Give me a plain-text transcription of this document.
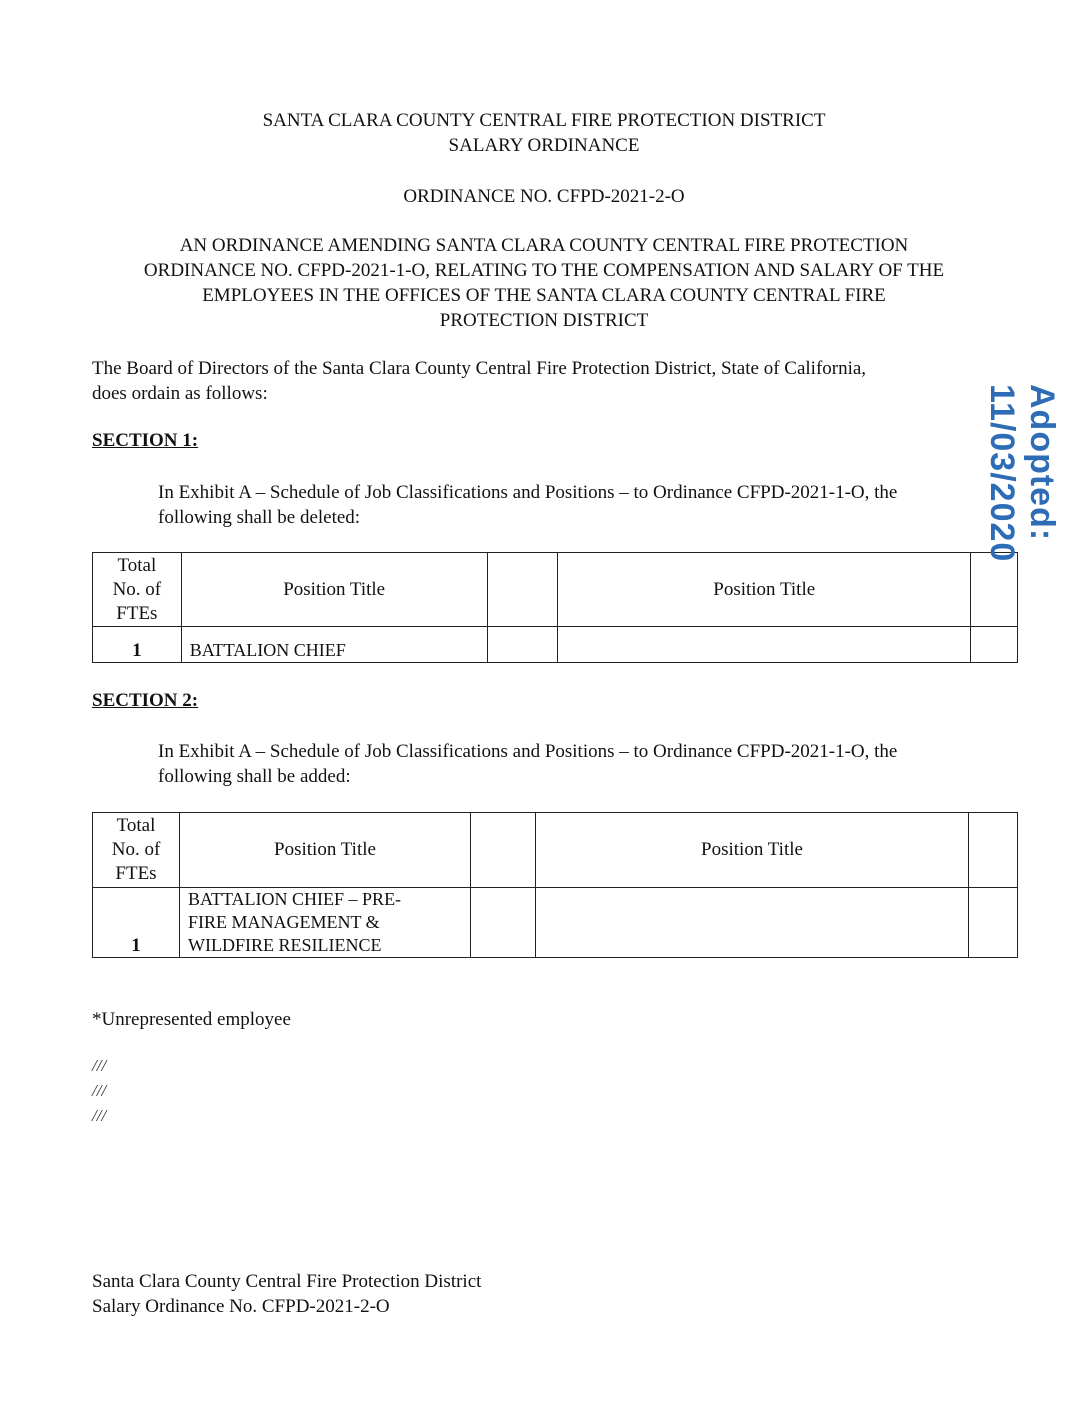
SANTA CLARA COUNTY CENTRAL FIRE PROTECTION DISTRICT
SALARY ORDINANCE
ORDINANCE NO. CFPD-2021-2-O
AN ORDINANCE AMENDING SANTA CLARA COUNTY CENTRAL FIRE PROTECTION
ORDINANCE NO. CFPD-2021-1-O, RELATING TO THE COMPENSATION AND SALARY OF THE
EMPLOYEES IN THE OFFICES OF THE SANTA CLARA COUNTY CENTRAL FIRE
PROTECTION DISTRICT
The Board of Directors of the Santa Clara County Central Fire Protection District, State of California,
does ordain as follows:
SECTION 1:
In Exhibit A – Schedule of Job Classifications and Positions – to Ordinance CFPD-2021-1-O, the
following shall be deleted:
Total
No. of
FTEs	Position Title		Position Title	
1	BATTALION CHIEF			
SECTION 2:
In Exhibit A – Schedule of Job Classifications and Positions – to Ordinance CFPD-2021-1-O, the
following shall be added:
Total
No. of
FTEs	Position Title		Position Title	
1	BATTALION CHIEF – PRE-
FIRE MANAGEMENT &
WILDFIRE RESILIENCE			
*Unrepresented employee
///
///
///
Santa Clara County Central Fire Protection District
Salary Ordinance No. CFPD-2021-2-O
Adopted: 11/03/2020
